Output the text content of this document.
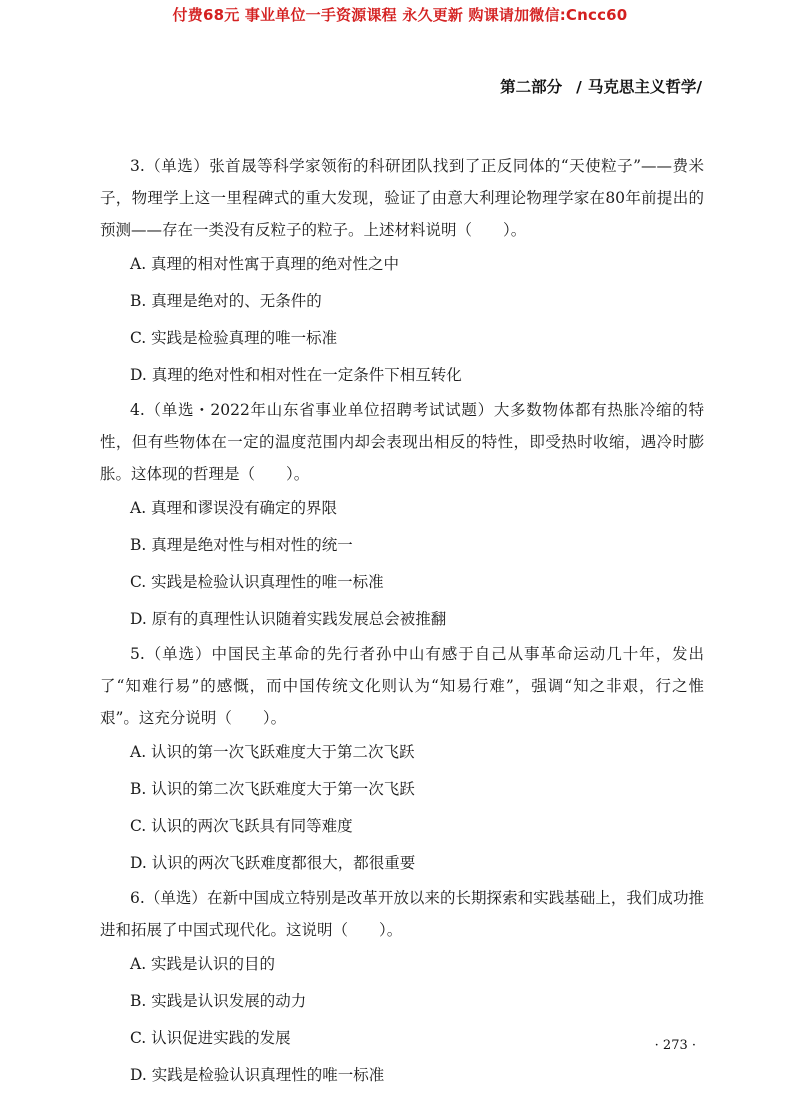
付费68元 事业单位一手资源课程 永久更新 购课请加微信:Cncc60
第二部分 / 马克思主义哲学/

3.（单选）张首晟等科学家领衔的科研团队找到了正反同体的“天使粒子”——费米子，物理学上这一里程碑式的重大发现，验证了由意大利理论物理学家在80年前提出的预测——存在一类没有反粒子的粒子。上述材料说明（　　）。

A. 真理的相对性寓于真理的绝对性之中

B. 真理是绝对的、无条件的

C. 实践是检验真理的唯一标准

D. 真理的绝对性和相对性在一定条件下相互转化

4.（单选・2022年山东省事业单位招聘考试试题）大多数物体都有热胀冷缩的特性，但有些物体在一定的温度范围内却会表现出相反的特性，即受热时收缩，遇冷时膨胀。这体现的哲理是（　　）。

A. 真理和谬误没有确定的界限

B. 真理是绝对性与相对性的统一

C. 实践是检验认识真理性的唯一标准

D. 原有的真理性认识随着实践发展总会被推翻

5.（单选）中国民主革命的先行者孙中山有感于自己从事革命运动几十年，发出了“知难行易”的感慨，而中国传统文化则认为“知易行难”，强调“知之非艰，行之惟艰”。这充分说明（　　）。

A. 认识的第一次飞跃难度大于第二次飞跃

B. 认识的第二次飞跃难度大于第一次飞跃

C. 认识的两次飞跃具有同等难度

D. 认识的两次飞跃难度都很大，都很重要

6.（单选）在新中国成立特别是改革开放以来的长期探索和实践基础上，我们成功推进和拓展了中国式现代化。这说明（　　）。

A. 实践是认识的目的

B. 实践是认识发展的动力

C. 认识促进实践的发展

D. 实践是检验认识真理性的唯一标准

· 273 ·
